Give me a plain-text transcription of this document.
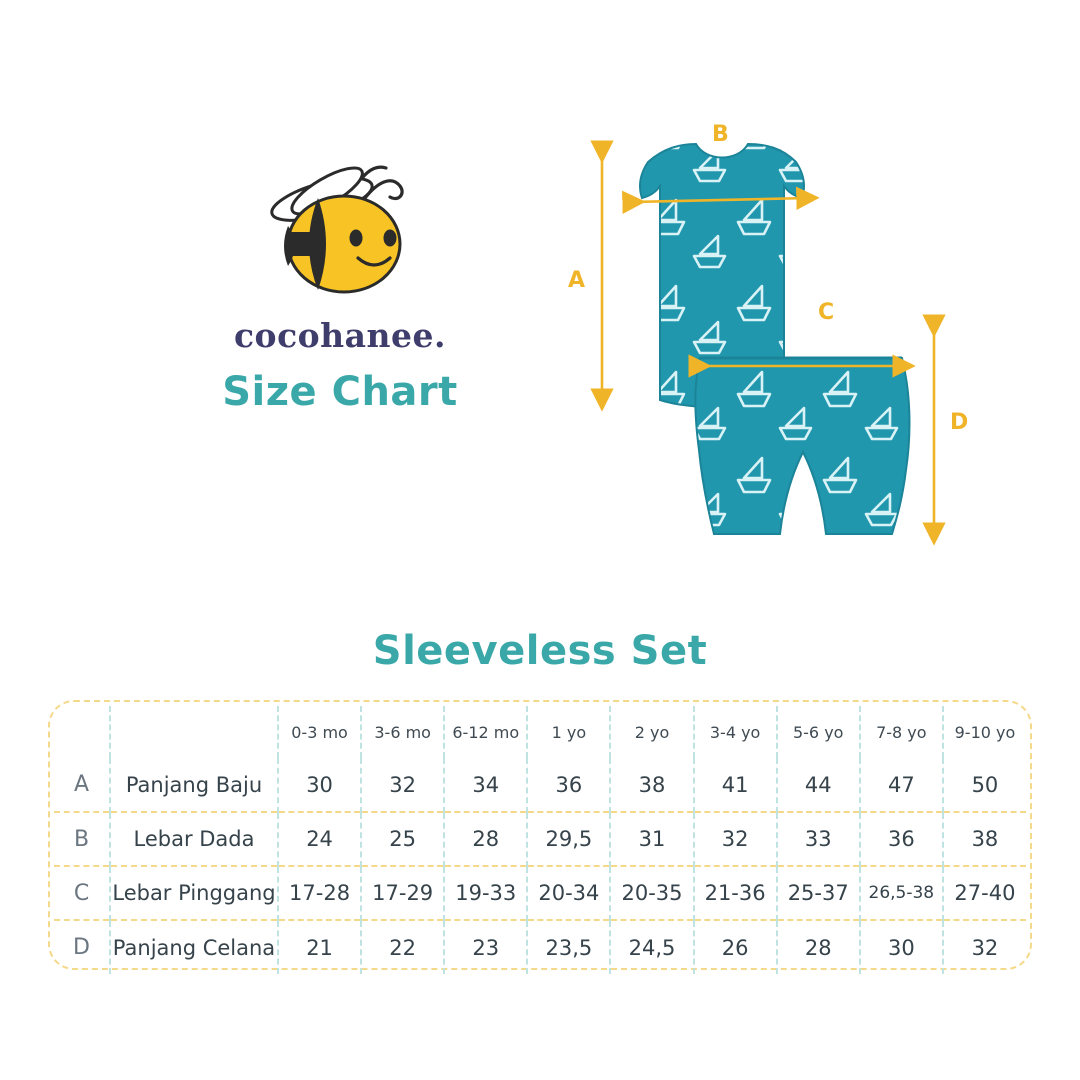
cocohanee.
Size Chart
A
B
C
D
Sleeveless Set
		0-3 mo	3-6 mo	6-12 mo	1 yo	2 yo	3-4 yo	5-6 yo	7-8 yo	9-10 yo
A	Panjang Baju	30	32	34	36	38	41	44	47	50
B	Lebar Dada	24	25	28	29,5	31	32	33	36	38
C	Lebar Pinggang	17-28	17-29	19-33	20-34	20-35	21-36	25-37	26,5-38	27-40
D	Panjang Celana	21	22	23	23,5	24,5	26	28	30	32
